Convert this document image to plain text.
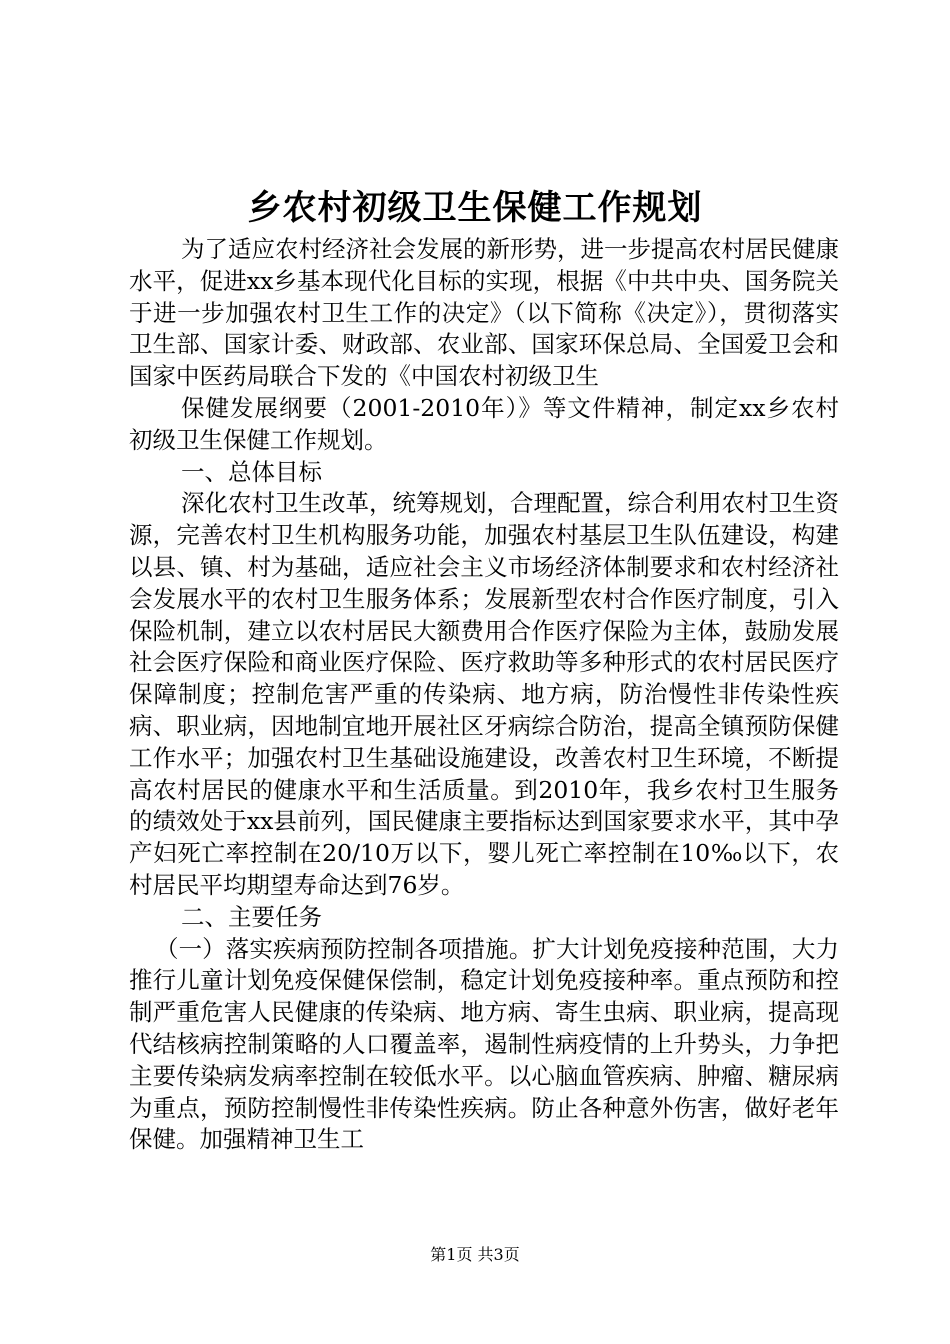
乡农村初级卫生保健工作规划

为了适应农村经济社会发展的新形势，进一步提高农村居民健康水平，促进xx乡基本现代化目标的实现，根据《中共中央、国务院关于进一步加强农村卫生工作的决定》（以下简称《决定》），贯彻落实卫生部、国家计委、财政部、农业部、国家环保总局、全国爱卫会和国家中医药局联合下发的《中国农村初级卫生

保健发展纲要（2001-2010年）》等文件精神，制定xx乡农村初级卫生保健工作规划。

一、总体目标

深化农村卫生改革，统筹规划，合理配置，综合利用农村卫生资源，完善农村卫生机构服务功能，加强农村基层卫生队伍建设，构建以县、镇、村为基础，适应社会主义市场经济体制要求和农村经济社会发展水平的农村卫生服务体系；发展新型农村合作医疗制度，引入保险机制，建立以农村居民大额费用合作医疗保险为主体，鼓励发展社会医疗保险和商业医疗保险、医疗救助等多种形式的农村居民医疗保障制度；控制危害严重的传染病、地方病，防治慢性非传染性疾病、职业病，因地制宜地开展社区牙病综合防治，提高全镇预防保健工作水平；加强农村卫生基础设施建设，改善农村卫生环境，不断提高农村居民的健康水平和生活质量。到2010年，我乡农村卫生服务的绩效处于xx县前列，国民健康主要指标达到国家要求水平，其中孕产妇死亡率控制在20/10万以下，婴儿死亡率控制在10‰以下，农村居民平均期望寿命达到76岁。

二、主要任务

（一）落实疾病预防控制各项措施。扩大计划免疫接种范围，大力推行儿童计划免疫保健保偿制，稳定计划免疫接种率。重点预防和控制严重危害人民健康的传染病、地方病、寄生虫病、职业病，提高现代结核病控制策略的人口覆盖率，遏制性病疫情的上升势头，力争把主要传染病发病率控制在较低水平。以心脑血管疾病、肿瘤、糖尿病为重点，预防控制慢性非传染性疾病。防止各种意外伤害，做好老年保健。加强精神卫生工

第1页 共3页
